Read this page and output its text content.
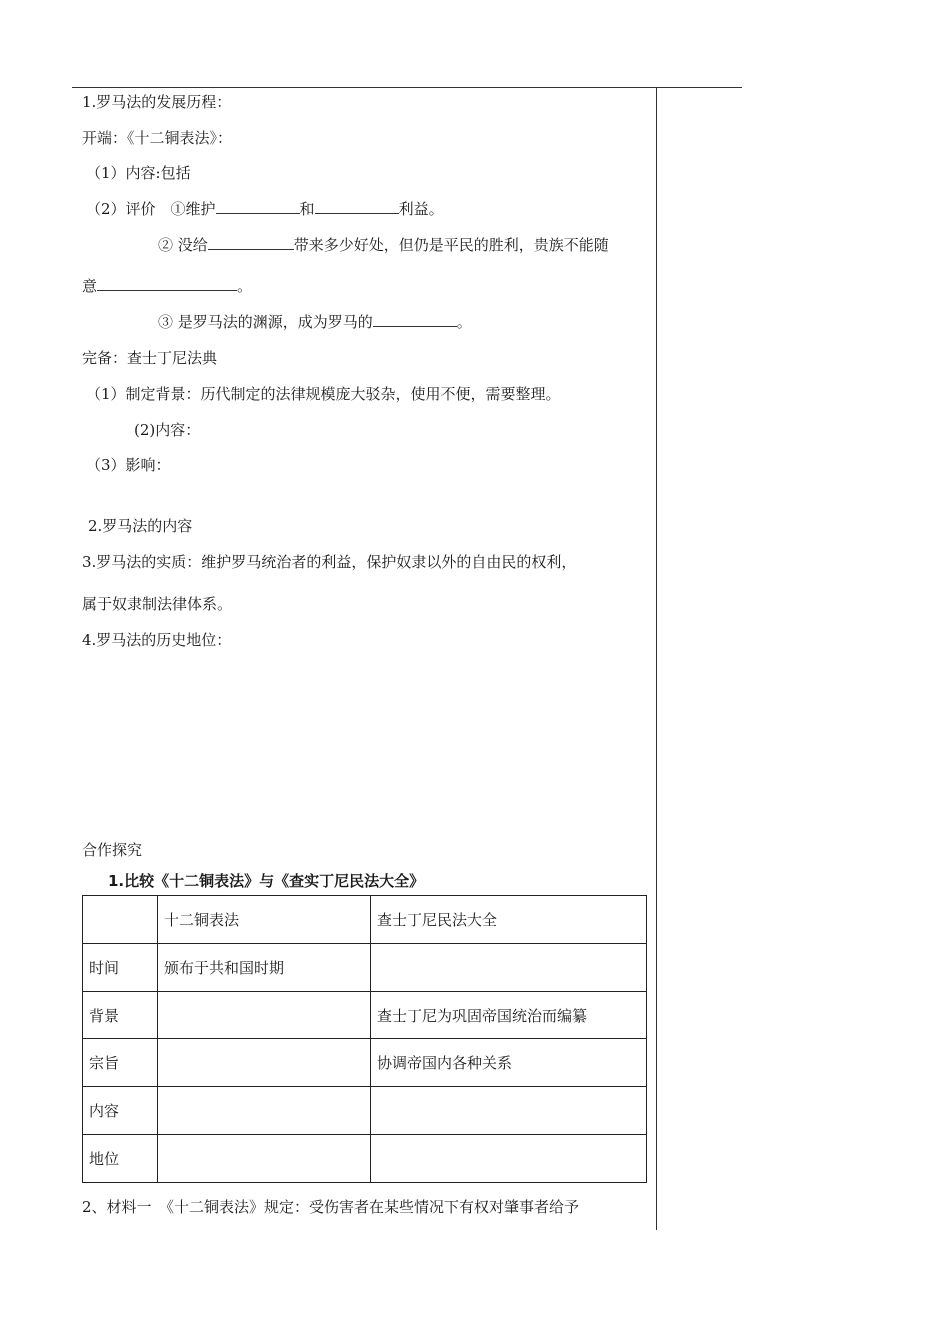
1.罗马法的发展历程：
开端：《十二铜表法》：
（1）内容:包括
（2）评价　①维护	和	利益。
② 没给	带来多少好处，但仍是平民的胜利，贵族不能随
意	。
③ 是罗马法的渊源，成为罗马的	。
完备：查士丁尼法典
（1）制定背景：历代制定的法律规模庞大驳杂，使用不便，需要整理。
(2)内容：
（3）影响：
2.罗马法的内容
3.罗马法的实质：维护罗马统治者的利益，保护奴隶以外的自由民的权利，
属于奴隶制法律体系。
4.罗马法的历史地位：
合作探究
1.比较《十二铜表法》与《查实丁尼民法大全》
	十二铜表法	查士丁尼民法大全
时间	颁布于共和国时期	
背景		查士丁尼为巩固帝国统治而编纂
宗旨		协调帝国内各种关系
内容		
地位		
2、材料一　《十二铜表法》规定：受伤害者在某些情况下有权对肇事者给予
